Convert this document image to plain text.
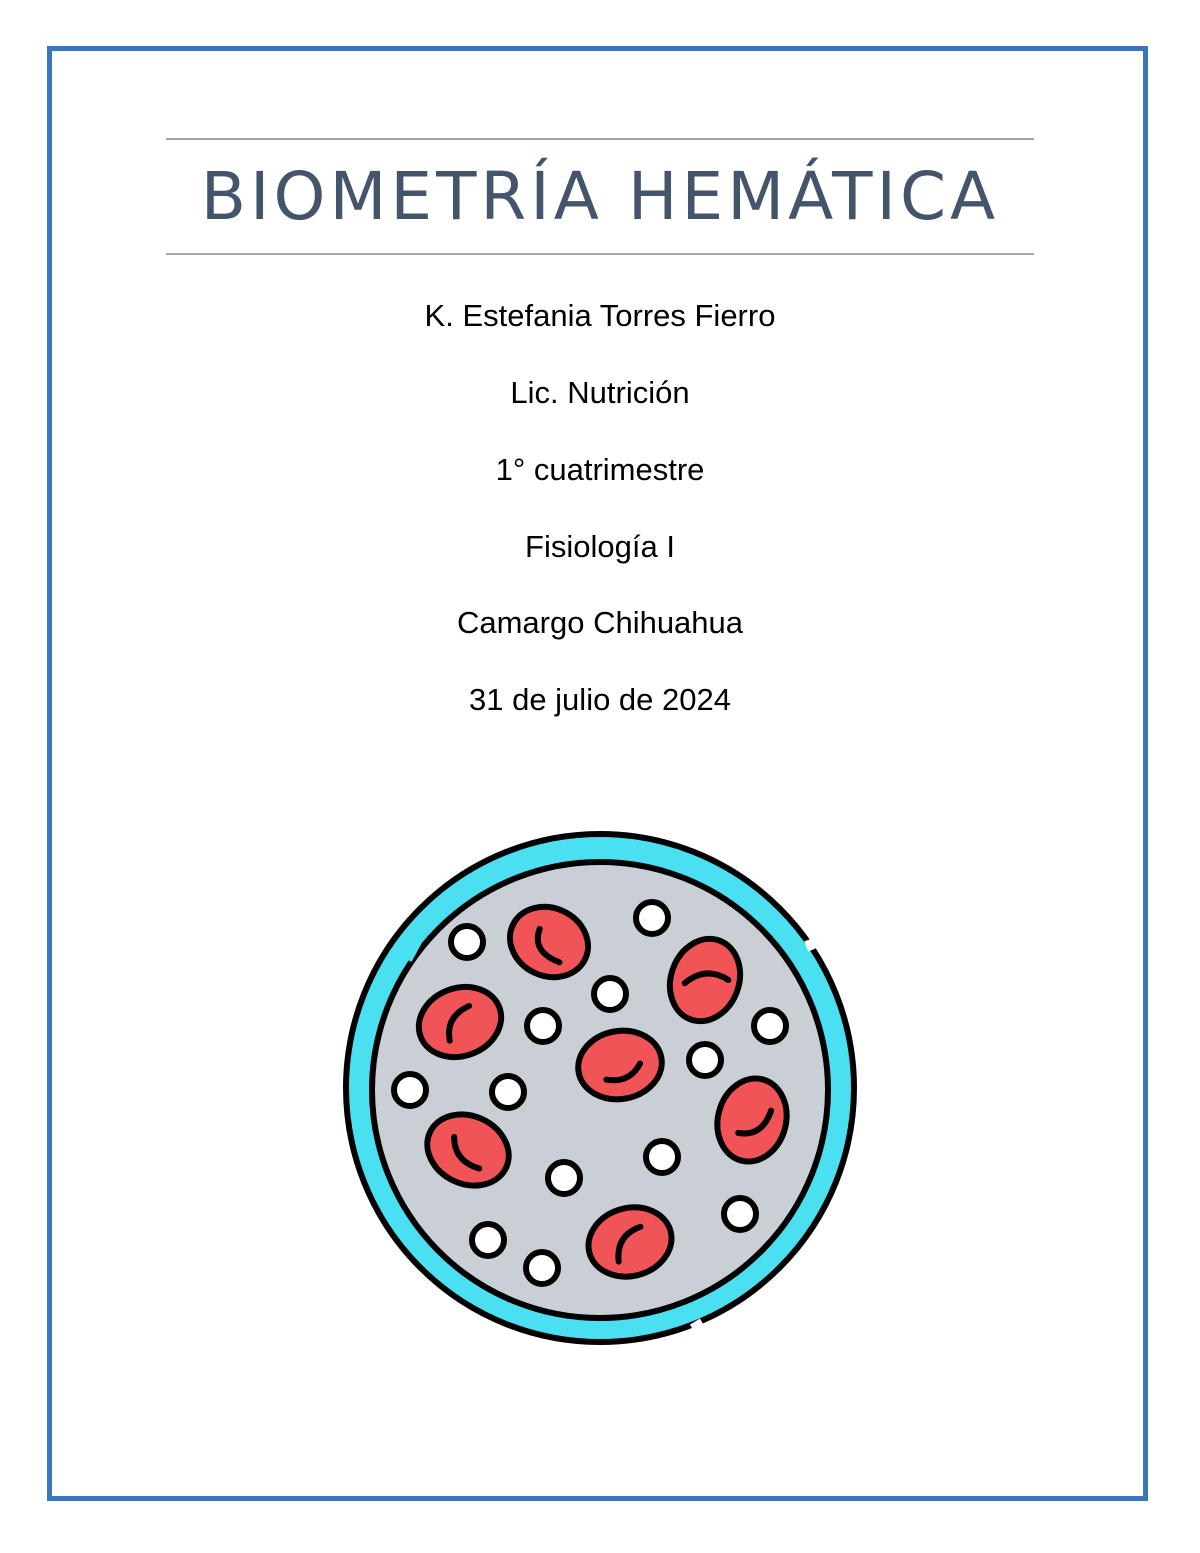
BIOMETRÍA HEMÁTICA
K. Estefania Torres Fierro
Lic. Nutrición
1° cuatrimestre
Fisiología I
Camargo Chihuahua
31 de julio de 2024
